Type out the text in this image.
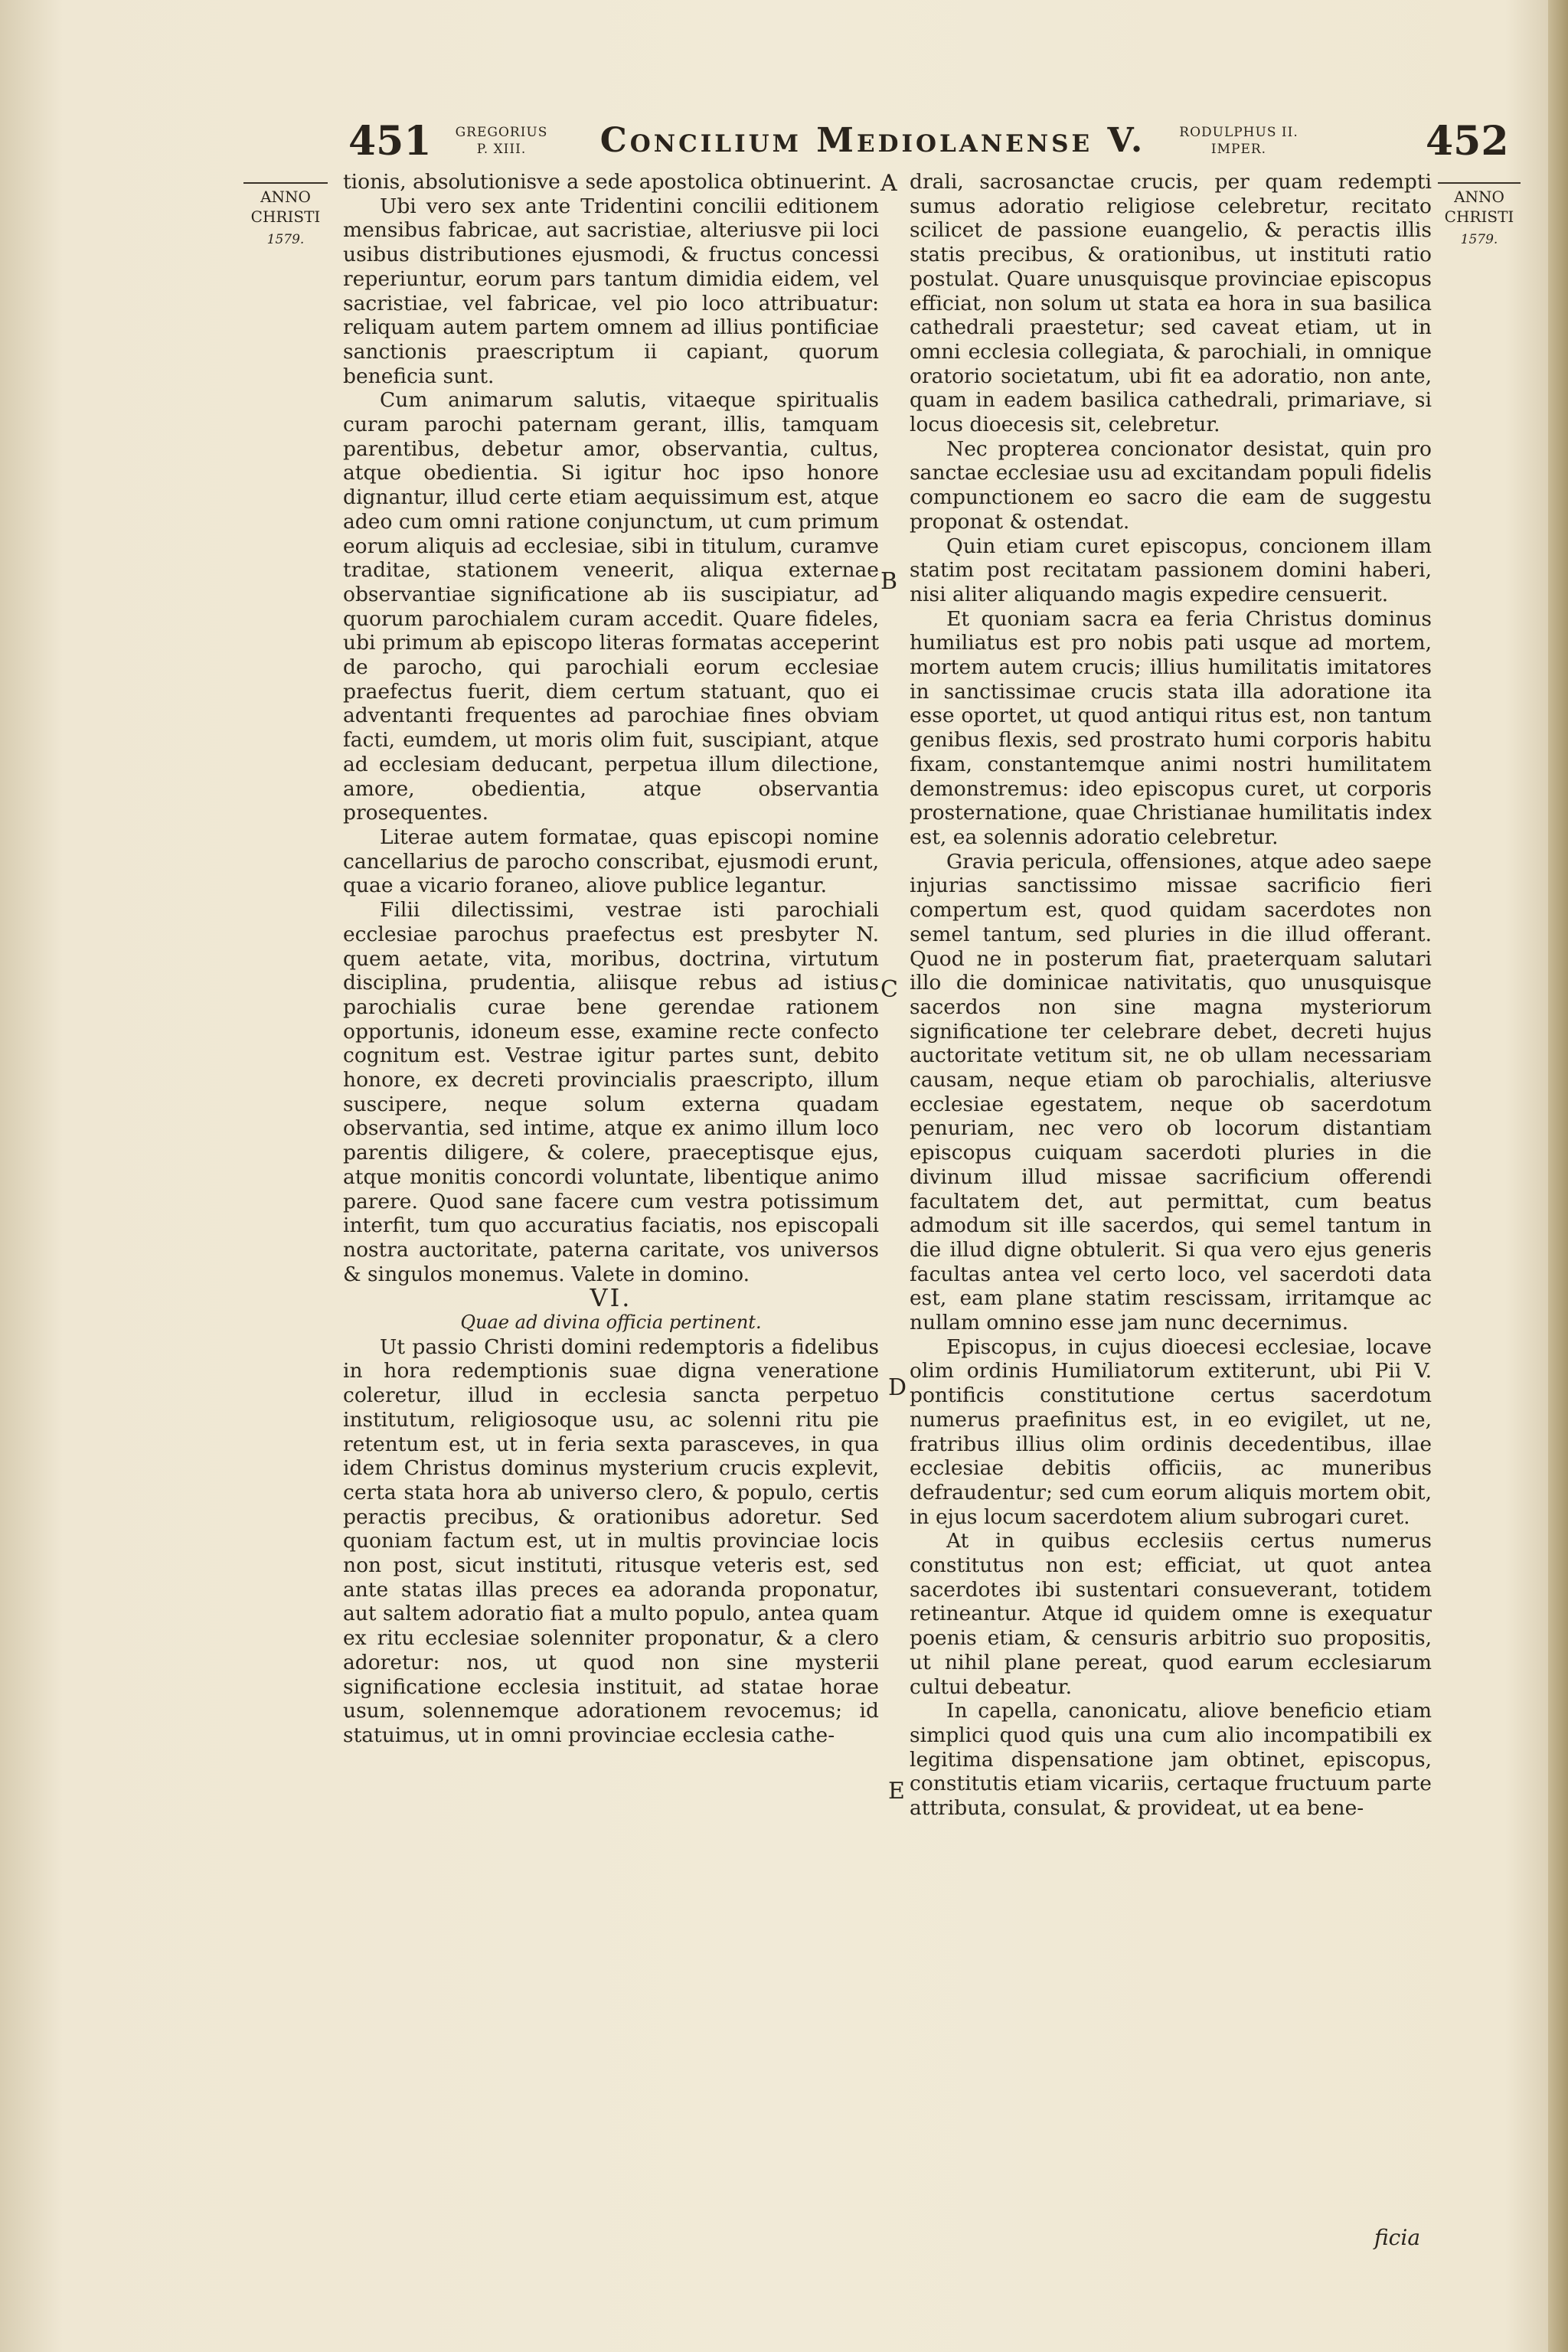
451	GREGORIUS
P. XIII.	Concilium Mediolanense V.	RODULPHUS II.
IMPER.	452
ANNO
CHRISTI
1579.
ANNO
CHRISTI
1579.

tionis, absolutionisve a sede apostolica obtinuerint.

Ubi vero sex ante Tridentini concilii editionem mensibus fabricae, aut sacristiae, alteriusve pii loci usibus distributiones ejusmodi, & fructus concessi reperiuntur, eorum pars tantum dimidia eidem, vel sacristiae, vel fabricae, vel pio loco attribuatur: reliquam autem partem omnem ad illius pontificiae sanctionis praescriptum ii capiant, quorum beneficia sunt.

Cum animarum salutis, vitaeque spiritualis curam parochi paternam gerant, illis, tamquam parentibus, debetur amor, observantia, cultus, atque obedientia. Si igitur hoc ipso honore dignantur, illud certe etiam aequissimum est, atque adeo cum omni ratione conjunctum, ut cum primum eorum aliquis ad ecclesiae, sibi in titulum, curamve traditae, stationem veneerit, aliqua externae observantiae significatione ab iis suscipiatur, ad quorum parochialem curam accedit. Quare fideles, ubi primum ab episcopo literas formatas acceperint de parocho, qui parochiali eorum ecclesiae praefectus fuerit, diem certum statuant, quo ei adventanti frequentes ad parochiae fines obviam facti, eumdem, ut moris olim fuit, suscipiant, atque ad ecclesiam deducant, perpetua illum dilectione, amore, obedientia, atque observantia prosequentes.

Literae autem formatae, quas episcopi nomine cancellarius de parocho conscribat, ejusmodi erunt, quae a vicario foraneo, aliove publice legantur.

Filii dilectissimi, vestrae isti parochiali ecclesiae parochus praefectus est presbyter N. quem aetate, vita, moribus, doctrina, virtutum disciplina, prudentia, aliisque rebus ad istius parochialis curae bene gerendae rationem opportunis, idoneum esse, examine recte confecto cognitum est. Vestrae igitur partes sunt, debito honore, ex decreti provincialis praescripto, illum suscipere, neque solum externa quadam observantia, sed intime, atque ex animo illum loco parentis diligere, & colere, praeceptisque ejus, atque monitis concordi voluntate, libentique animo parere. Quod sane facere cum vestra potissimum interfit, tum quo accuratius faciatis, nos episcopali nostra auctoritate, paterna caritate, vos universos & singulos monemus. Valete in domino.

VI.

Quae ad divina officia pertinent.

Ut passio Christi domini redemptoris a fidelibus in hora redemptionis suae digna veneratione coleretur, illud in ecclesia sancta perpetuo institutum, religiosoque usu, ac solenni ritu pie retentum est, ut in feria sexta parasceves, in qua idem Christus dominus mysterium crucis explevit, certa stata hora ab universo clero, & populo, certis peractis precibus, & orationibus adoretur. Sed quoniam factum est, ut in multis provinciae locis non post, sicut instituti, ritusque veteris est, sed ante statas illas preces ea adoranda proponatur, aut saltem adoratio fiat a multo populo, antea quam ex ritu ecclesiae solenniter proponatur, & a clero adoretur: nos, ut quod non sine mysterii significatione ecclesia instituit, ad statae horae usum, solennemque adorationem revocemus; id statuimus, ut in omni provinciae ecclesia cathe-

A
B
C
D
E

drali, sacrosanctae crucis, per quam redempti sumus adoratio religiose celebretur, recitato scilicet de passione euangelio, & peractis illis statis precibus, & orationibus, ut instituti ratio postulat. Quare unusquisque provinciae episcopus efficiat, non solum ut stata ea hora in sua basilica cathedrali praestetur; sed caveat etiam, ut in omni ecclesia collegiata, & parochiali, in omnique oratorio societatum, ubi fit ea adoratio, non ante, quam in eadem basilica cathedrali, primariave, si locus dioecesis sit, celebretur.

Nec propterea concionator desistat, quin pro sanctae ecclesiae usu ad excitandam populi fidelis compunctionem eo sacro die eam de suggestu proponat & ostendat.

Quin etiam curet episcopus, concionem illam statim post recitatam passionem domini haberi, nisi aliter aliquando magis expedire censuerit.

Et quoniam sacra ea feria Christus dominus humiliatus est pro nobis pati usque ad mortem, mortem autem crucis; illius humilitatis imitatores in sanctissimae crucis stata illa adoratione ita esse oportet, ut quod antiqui ritus est, non tantum genibus flexis, sed prostrato humi corporis habitu fixam, constantemque animi nostri humilitatem demonstremus: ideo episcopus curet, ut corporis prosternatione, quae Christianae humilitatis index est, ea solennis adoratio celebretur.

Gravia pericula, offensiones, atque adeo saepe injurias sanctissimo missae sacrificio fieri compertum est, quod quidam sacerdotes non semel tantum, sed pluries in die illud offerant. Quod ne in posterum fiat, praeterquam salutari illo die dominicae nativitatis, quo unusquisque sacerdos non sine magna mysteriorum significatione ter celebrare debet, decreti hujus auctoritate vetitum sit, ne ob ullam necessariam causam, neque etiam ob parochialis, alteriusve ecclesiae egestatem, neque ob sacerdotum penuriam, nec vero ob locorum distantiam episcopus cuiquam sacerdoti pluries in die divinum illud missae sacrificium offerendi facultatem det, aut permittat, cum beatus admodum sit ille sacerdos, qui semel tantum in die illud digne obtulerit. Si qua vero ejus generis facultas antea vel certo loco, vel sacerdoti data est, eam plane statim rescissam, irritamque ac nullam omnino esse jam nunc decernimus.

Episcopus, in cujus dioecesi ecclesiae, locave olim ordinis Humiliatorum extiterunt, ubi Pii V. pontificis constitutione certus sacerdotum numerus praefinitus est, in eo evigilet, ut ne, fratribus illius olim ordinis decedentibus, illae ecclesiae debitis officiis, ac muneribus defraudentur; sed cum eorum aliquis mortem obit, in ejus locum sacerdotem alium subrogari curet.

At in quibus ecclesiis certus numerus constitutus non est; efficiat, ut quot antea sacerdotes ibi sustentari consueverant, totidem retineantur. Atque id quidem omne is exequatur poenis etiam, & censuris arbitrio suo propositis, ut nihil plane pereat, quod earum ecclesiarum cultui debeatur.

In capella, canonicatu, aliove beneficio etiam simplici quod quis una cum alio incompatibili ex legitima dispensatione jam obtinet, episcopus, constitutis etiam vicariis, certaque fructuum parte attributa, consulat, & provideat, ut ea bene-

ficia
